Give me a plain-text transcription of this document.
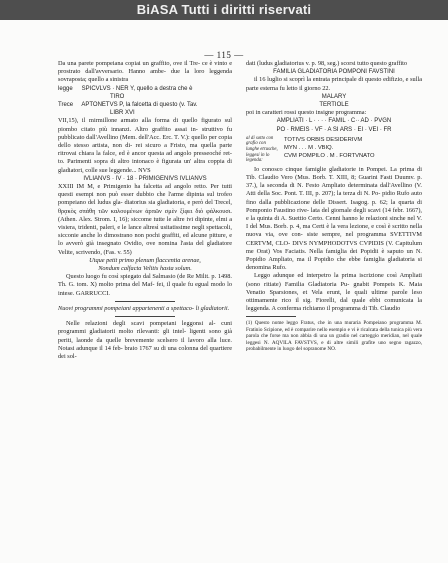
BiASA Tutti i diritti riservati
— 115 —

Da una parete pompeiana copiai un graffito, ove il Tre- ce è vinto e prostrato dall'avversario. Hanno ambe- due la loro leggenda sovraposta; quello a sinistra

legge SPICVLVS · NER Y, quello a destra che è
TIRO
Trece APTONETVS P, la falcetta di questo (v. Tav.
LIBR XVI

VII,15), il mirmillone armato alla forma di quello figurato sul piombo citato più innanzi. Altro graffito assai in- struttivo fu pubblicato dall'Avellino (Mem. dell'Acc. Erc. T. V.): quello per copia dello stesso artista, non di- rei sicuro a Fristo, ma quella parte ritrovai chiara la falce, ed è ancor questa ad angolo presseoché ret- to. Parimenti sopra di altro intonaco è figurata un' altra coppia di gladiatori, colle sue leggende... NVS

IVLIANVS · IV · 18 · PRIMIGENIVS IVLIANVS

XXIII IM M, e Primigenio ha falcetta ad angolo retto. Per tutti questi esempi non può esser dubbio che l'arme dipinta sul trofeo pompeiano del ludus gla- diatorius sia gladiatoria, e però del Trecel, θρᾳκὸς σπάθη τῶν καλουμένων ἀρπῶν σμὲν ξίφει διὸ φάλκουσι. (Athen. Alex. Strom. I, 16); siccome tutte le altre ivi dipinte, elmi a visiera, tridenti, paleri, e le lance altresì usitatissime negli spettacoli, sicconie anche lo dimostrano non pochi graffiti, ed alcune pitture, e lo avverò già insegnato Ovidio, ove nomina l'asta del gladiatore Velite, scrivendo, (Fas. v. 55)

Utque petit primo plenum flaccentia arenae,

Nondum calfacta Velitis hasta solum.

Questo luogo fu così spiegato dal Salmasio (de Re Milit. p. 1498. Th. G. tom. X) molto prima del Maf- fei, il quale fu egual modo lo intese. GARRUCCI.

Nuovi programmi pompeiani appartenenti a spettaco- li gladiatorii.

Nelle relazioni degli scavi pompeiani leggonsi al- cuni programmi gladiatorii molto rilevanti: gli intel- ligenti sono già periti, laonde da quelle brevemente scelsero il lavoro alla luce. Notasi adunque il 14 feb- braio 1767 su di una colonna del quartiere dei sol-

dati (ludus gladiatorius v. p. 98, seg.) scorsi tutto questo graffito

FAMILIA GLADIATORIA POMPONI FAVSTINI

il 16 luglio si scoprì la entrata principale di questo edifizio, e sulla parte esterna fu letto il giorno 22.

MALARY
TERTIOLE

poi in caratteri rossi questo insigne programma:

AMPLIATI · L · · · · FAMIL · C·· AD · PVGN
PO · RMEIS · VF · A SI ARS · EI · VEI · FR
al di sotto con grafio con lunghe etrusche, leggesi in lo legenda:
TOTIVS ORBIS DESIDERIVM
MYN . . . M . VBIQ.
CVM POMPILO . M . FORTVNATO

Io conosco cinque famiglie gladiatorie in Pompei. La prima di Tib. Claudio Vero (Mus. Borb. T. XIII, 8; Guarini Fasti Duumv. p. 37.), la seconda di N. Festo Ampliato determinata dall'Avellino (V. Atti della Soc. Pont. T. III, p. 207); la terza di N. Po- pidio Rufo auto fino dalla pubblicazione delle Dissert. Isagog. p. 62; la quarta di Pomponio Faustino rive- lata del giornale degli scavi (14 febr. 1667), e la quinta di A. Suettio Certo. Cenni hanno le relazioni sinche nel V. I del Mus. Borb. p. 4, ma Certi è la vera lezione, e così è scritto nella nuova via, ove con- siste sempre, nel programma SVETTIVM CERTVM, CLO- DIVS NYMPHODOTVS CVPIDIS (V. Capitulum me Orat) Vos Faciatis. Nella famiglia dei Popidii è saputo un N. Popidio Ampliato, ma il Popidio che ebbe famiglia gladiatoria si denomina Rufo.

Leggo adunque ed interpetro la prima iscrizione così Ampliati (sono ritiate) Familia Gladiatoria Pu- gnabit Pompeis K. Maia Venatio Sparsiones, et Vela erunt, le quali ultime parole leso ottimamente rico il sig. Fiorelli, dal quale ebbi comunicata la leggenda. A conferma richiamo il programma di Tib. Claudio

(1) Questo nome leggo Fratus, che in una muraria Pompeiano programma M. Fratinio Scipione, ed è comparire nello esempio e vi è ricalcata della tunica più vera parola che forse ma non abbia di una un gradio nel carteggio meridian, nel quale leggesi N. AQVILA FAVSTVS, e di altre simili grafite uno segno ragazzo, probabilmente in luogo del sopranome NO.
